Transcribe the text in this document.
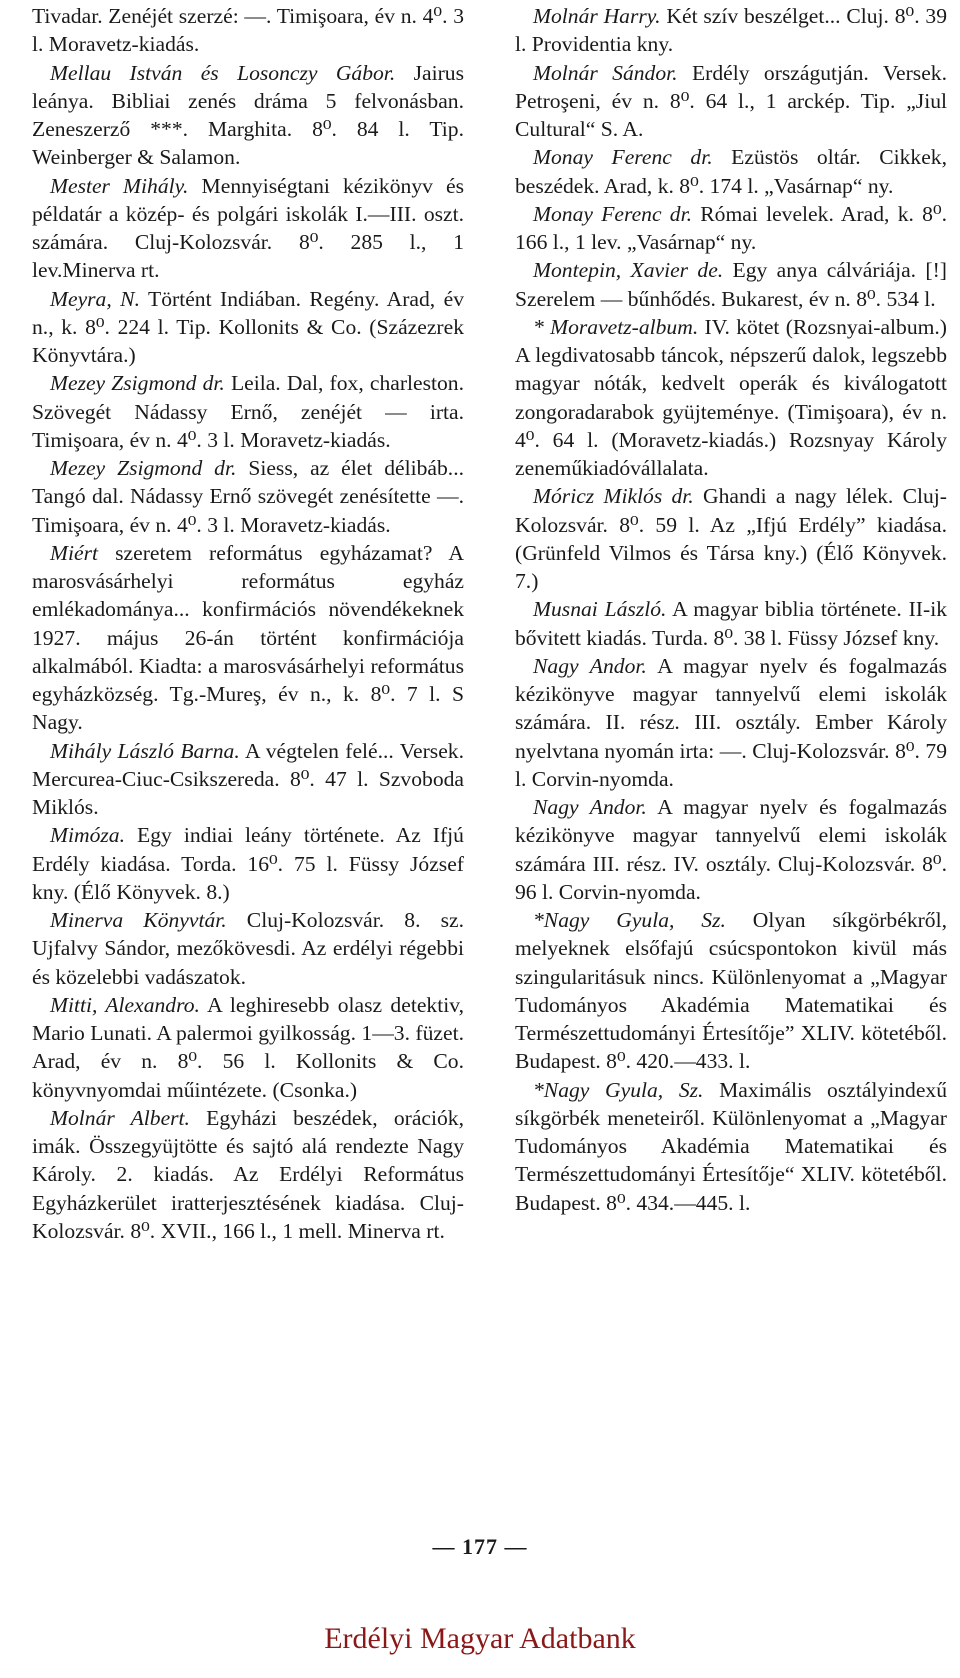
Tivadar. Zenéjét szerzé: —. Timişoara, év n. 4⁰. 3 l. Moravetz-kiadás.

Mellau István és Losonczy Gábor. Jairus leánya. Bibliai zenés dráma 5 felvonásban. Zeneszerző ***. Marghita. 8⁰. 84 l. Tip. Weinberger & Salamon.

Mester Mihály. Mennyiségtani kézikönyv és példatár a közép- és polgári iskolák I.—III. oszt. számára. Cluj-Kolozsvár. 8⁰. 285 l., 1 lev.Minerva rt.

Meyra, N. Történt Indiában. Regény. Arad, év n., k. 8⁰. 224 l. Tip. Kollonits & Co. (Százezrek Könyvtára.)

Mezey Zsigmond dr. Leila. Dal, fox, charleston. Szövegét Nádassy Ernő, zenéjét — irta. Timişoara, év n. 4⁰. 3 l. Moravetz-kiadás.

Mezey Zsigmond dr. Siess, az élet délibáb... Tangó dal. Nádassy Ernő szövegét zenésítette —. Timişoara, év n. 4⁰. 3 l. Moravetz-kiadás.

Miért szeretem református egyházamat? A marosvásárhelyi református egyház emlékadománya... konfirmációs növendékeknek 1927. május 26-án történt konfirmációja alkalmából. Kiadta: a marosvásárhelyi református egyházközség. Tg.-Mureş, év n., k. 8⁰. 7 l. S Nagy.

Mihály László Barna. A végtelen felé... Versek. Mercurea-Ciuc-Csikszereda. 8⁰. 47 l. Szvoboda Miklós.

Mimóza. Egy indiai leány története. Az Ifjú Erdély kiadása. Torda. 16⁰. 75 l. Füssy József kny. (Élő Könyvek. 8.)

Minerva Könyvtár. Cluj-Kolozsvár. 8. sz. Ujfalvy Sándor, mezőkövesdi. Az erdélyi régebbi és közelebbi vadászatok.

Mitti, Alexandro. A leghiresebb olasz detektiv, Mario Lunati. A palermoi gyilkosság. 1—3. füzet. Arad, év n. 8⁰. 56 l. Kollonits & Co. könyvnyomdai műintézete. (Csonka.)

Molnár Albert. Egyházi beszédek, orációk, imák. Összegyüjtötte és sajtó alá rendezte Nagy Károly. 2. kiadás. Az Erdélyi Református Egyházkerület iratterjesztésének kiadása. Cluj-Kolozsvár. 8⁰. XVII., 166 l., 1 mell. Minerva rt.

Molnár Harry. Két szív beszélget... Cluj. 8⁰. 39 l. Providentia kny.

Molnár Sándor. Erdély országutján. Versek. Petroşeni, év n. 8⁰. 64 l., 1 arckép. Tip. „Jiul Cultural“ S. A.

Monay Ferenc dr. Ezüstös oltár. Cikkek, beszédek. Arad, k. 8⁰. 174 l. „Vasárnap“ ny.

Monay Ferenc dr. Római levelek. Arad, k. 8⁰. 166 l., 1 lev. „Vasárnap“ ny.

Montepin, Xavier de. Egy anya cálváriája. [!] Szerelem — bűnhődés. Bukarest, év n. 8⁰. 534 l.

* Moravetz-album. IV. kötet (Rozsnyai-album.) A legdivatosabb táncok, népszerű dalok, legszebb magyar nóták, kedvelt operák és kiválogatott zongoradarabok gyüjteménye. (Timişoara), év n. 4⁰. 64 l. (Moravetz-kiadás.) Rozsnyay Károly zeneműkiadóvállalata.

Móricz Miklós dr. Ghandi a nagy lélek. Cluj-Kolozsvár. 8⁰. 59 l. Az „Ifjú Erdély” kiadása. (Grünfeld Vilmos és Társa kny.) (Élő Könyvek. 7.)

Musnai László. A magyar biblia története. II-ik bővitett kiadás. Turda. 8⁰. 38 l. Füssy József kny.

Nagy Andor. A magyar nyelv és fogalmazás kézikönyve magyar tannyelvű elemi iskolák számára. II. rész. III. osztály. Ember Károly nyelvtana nyomán irta: —. Cluj-Kolozsvár. 8⁰. 79 l. Corvin-nyomda.

Nagy Andor. A magyar nyelv és fogalmazás kézikönyve magyar tannyelvű elemi iskolák számára III. rész. IV. osztály. Cluj-Kolozsvár. 8⁰. 96 l. Corvin-nyomda.

*Nagy Gyula, Sz. Olyan síkgörbékről, melyeknek elsőfajú csúcspontokon kivül más szingularitásuk nincs. Különlenyomat a „Magyar Tudományos Akadémia Matematikai és Természettudományi Értesítője” XLIV. kötetéből. Budapest. 8⁰. 420.—433. l.

*Nagy Gyula, Sz. Maximális osztályindexű síkgörbék meneteiről. Különlenyomat a „Magyar Tudományos Akadémia Matematikai és Természettudományi Értesítője“ XLIV. kötetéből. Budapest. 8⁰. 434.—445. l.

— 177 —
Erdélyi Magyar Adatbank
